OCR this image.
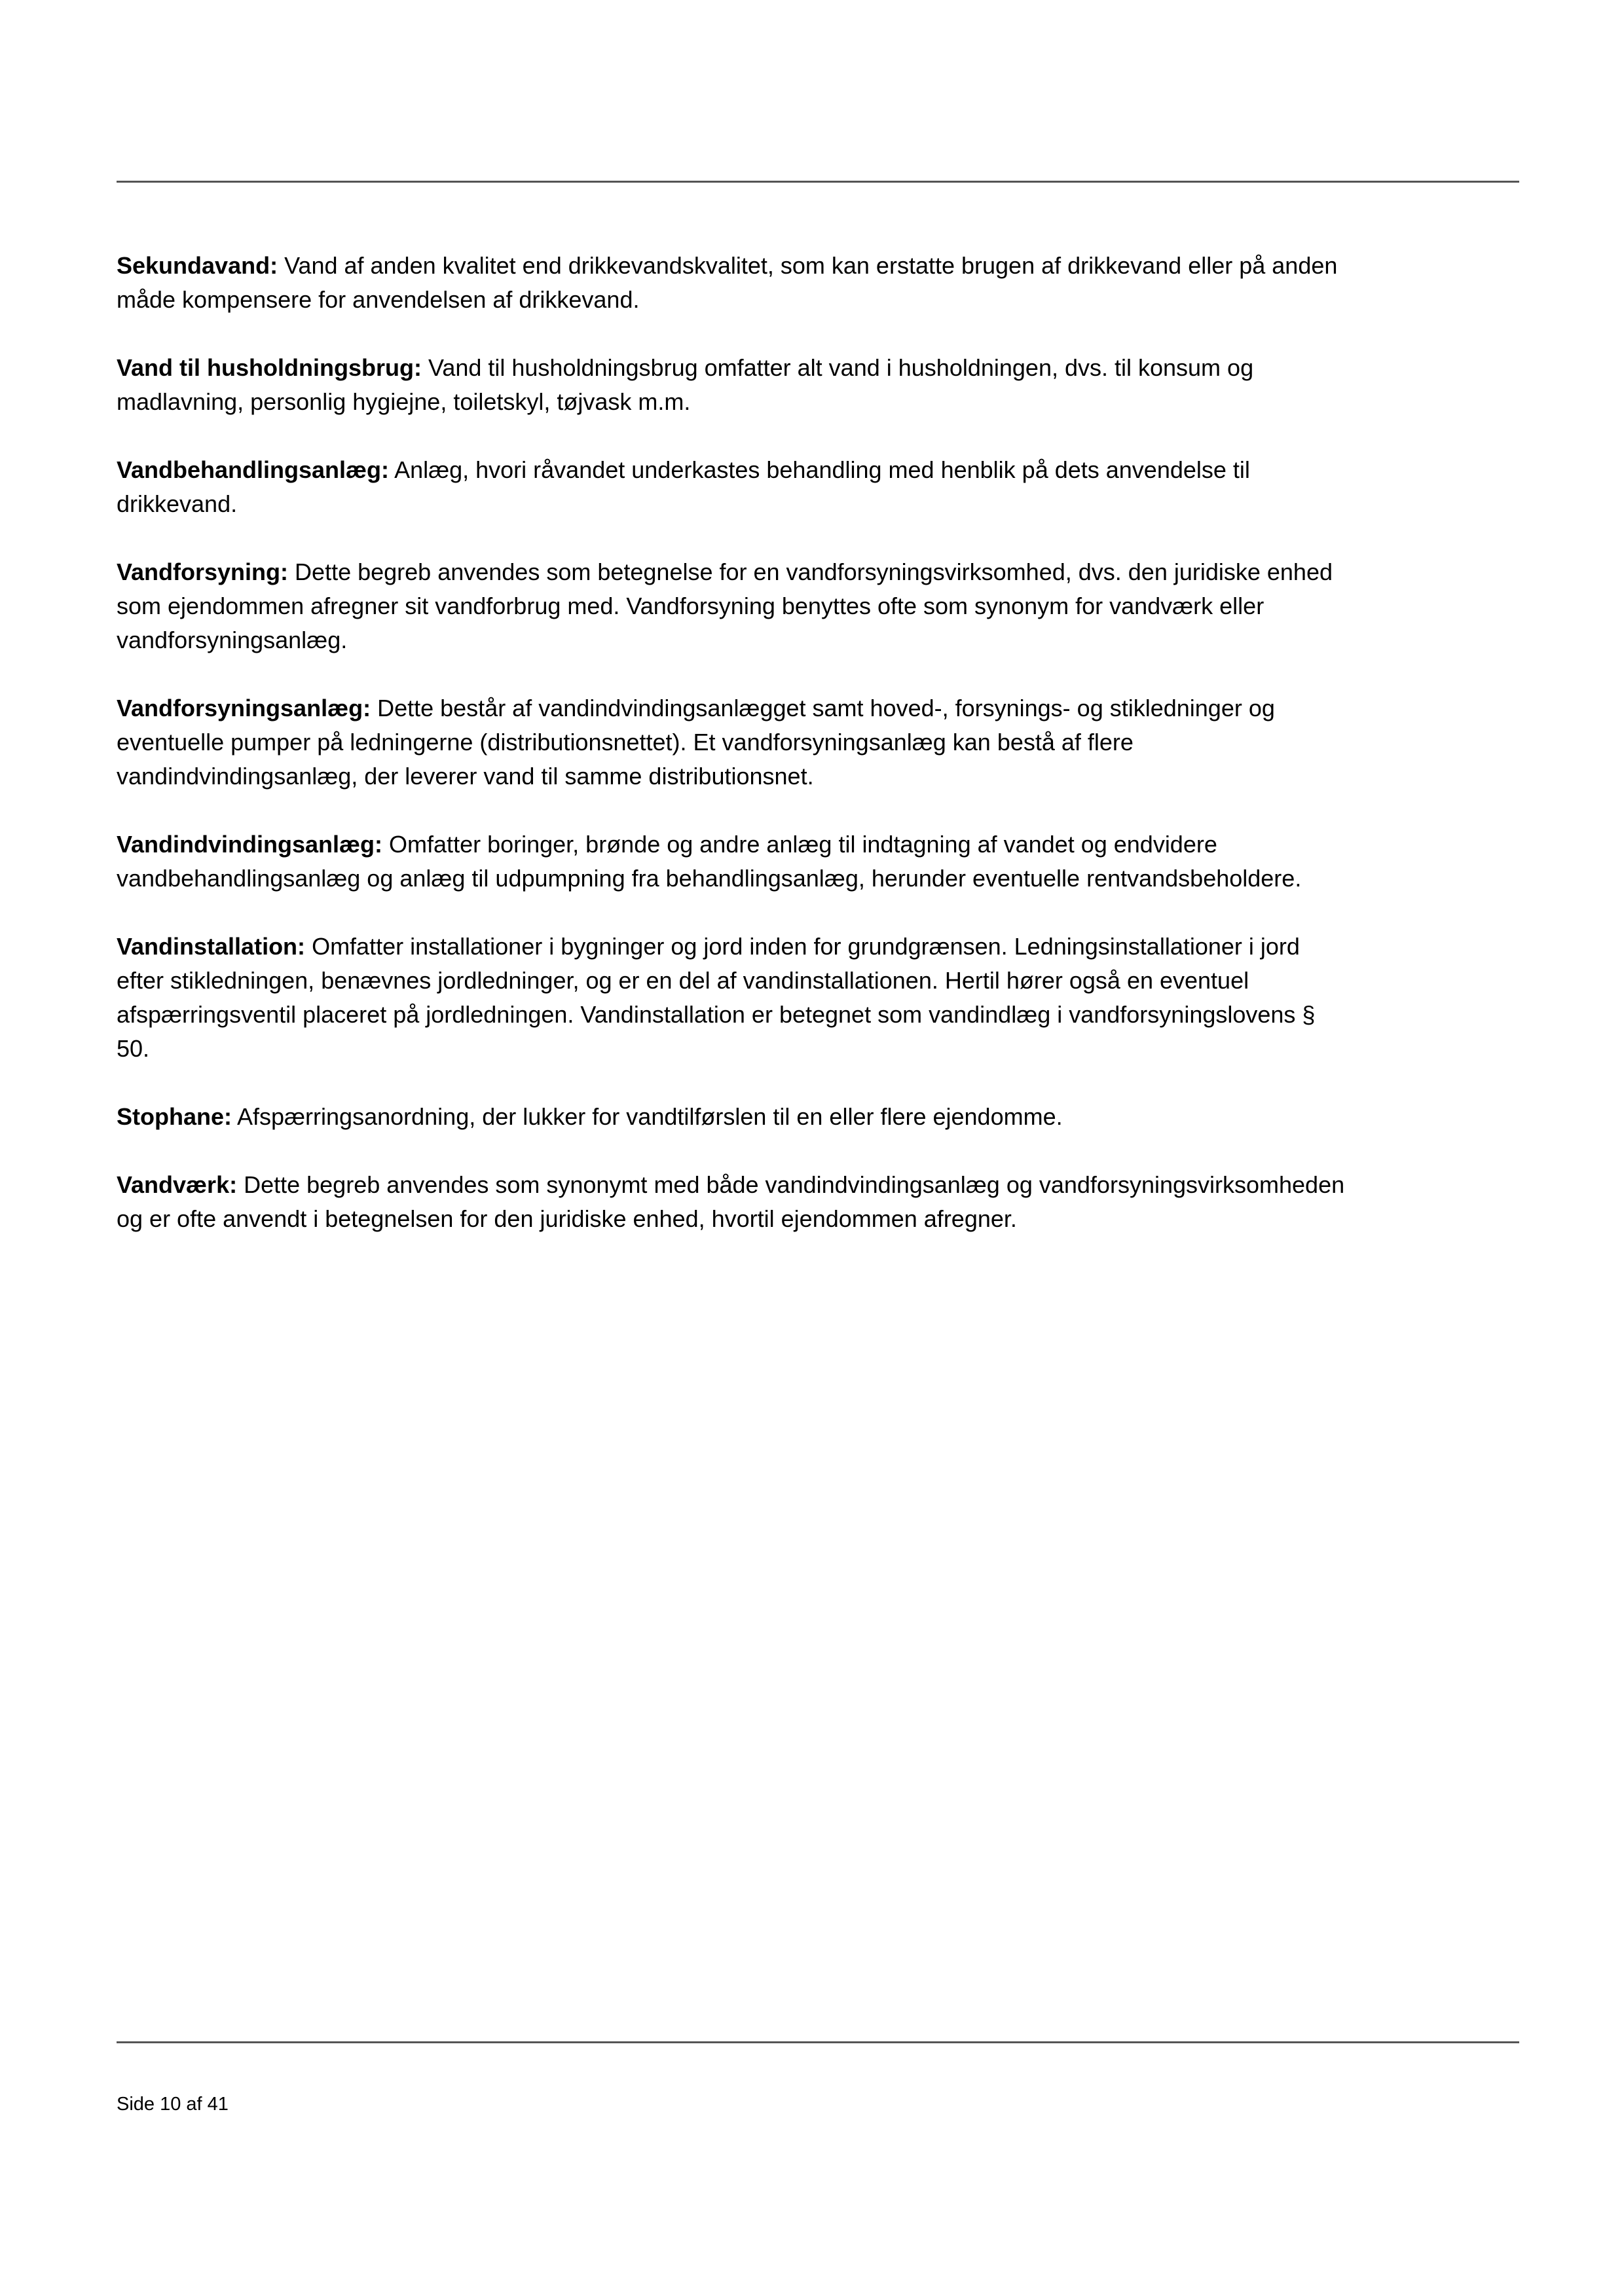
Sekundavand: Vand af anden kvalitet end drikkevandskvalitet, som kan erstatte brugen af drikkevand eller på anden måde kompensere for anvendelsen af drikkevand.

Vand til husholdningsbrug: Vand til husholdningsbrug omfatter alt vand i husholdningen, dvs. til konsum og madlavning, personlig hygiejne, toiletskyl, tøjvask m.m.

Vandbehandlingsanlæg: Anlæg, hvori råvandet underkastes behandling med henblik på dets anvendelse til drikkevand.

Vandforsyning: Dette begreb anvendes som betegnelse for en vandforsyningsvirksomhed, dvs. den juridiske enhed som ejendommen afregner sit vandforbrug med. Vandforsyning benyttes ofte som synonym for vandværk eller vandforsyningsanlæg.

Vandforsyningsanlæg: Dette består af vandindvindingsanlægget samt hoved-, forsynings- og stikledninger og eventuelle pumper på ledningerne (distributionsnettet). Et vandforsyningsanlæg kan bestå af flere vandindvindingsanlæg, der leverer vand til samme distributionsnet.

Vandindvindingsanlæg: Omfatter boringer, brønde og andre anlæg til indtagning af vandet og endvidere vandbehandlingsanlæg og anlæg til udpumpning fra behandlingsanlæg, herunder eventuelle rentvandsbeholdere.

Vandinstallation: Omfatter installationer i bygninger og jord inden for grundgrænsen. Ledningsinstallationer i jord efter stikledningen, benævnes jordledninger, og er en del af vandinstallationen. Hertil hører også en eventuel afspærringsventil placeret på jordledningen. Vandinstallation er betegnet som vandindlæg i vandforsyningslovens § 50.

Stophane: Afspærringsanordning, der lukker for vandtilførslen til en eller flere ejendomme.

Vandværk: Dette begreb anvendes som synonymt med både vandindvindingsanlæg og vandforsyningsvirksomheden og er ofte anvendt i betegnelsen for den juridiske enhed, hvortil ejendommen afregner.

Side 10 af 41
